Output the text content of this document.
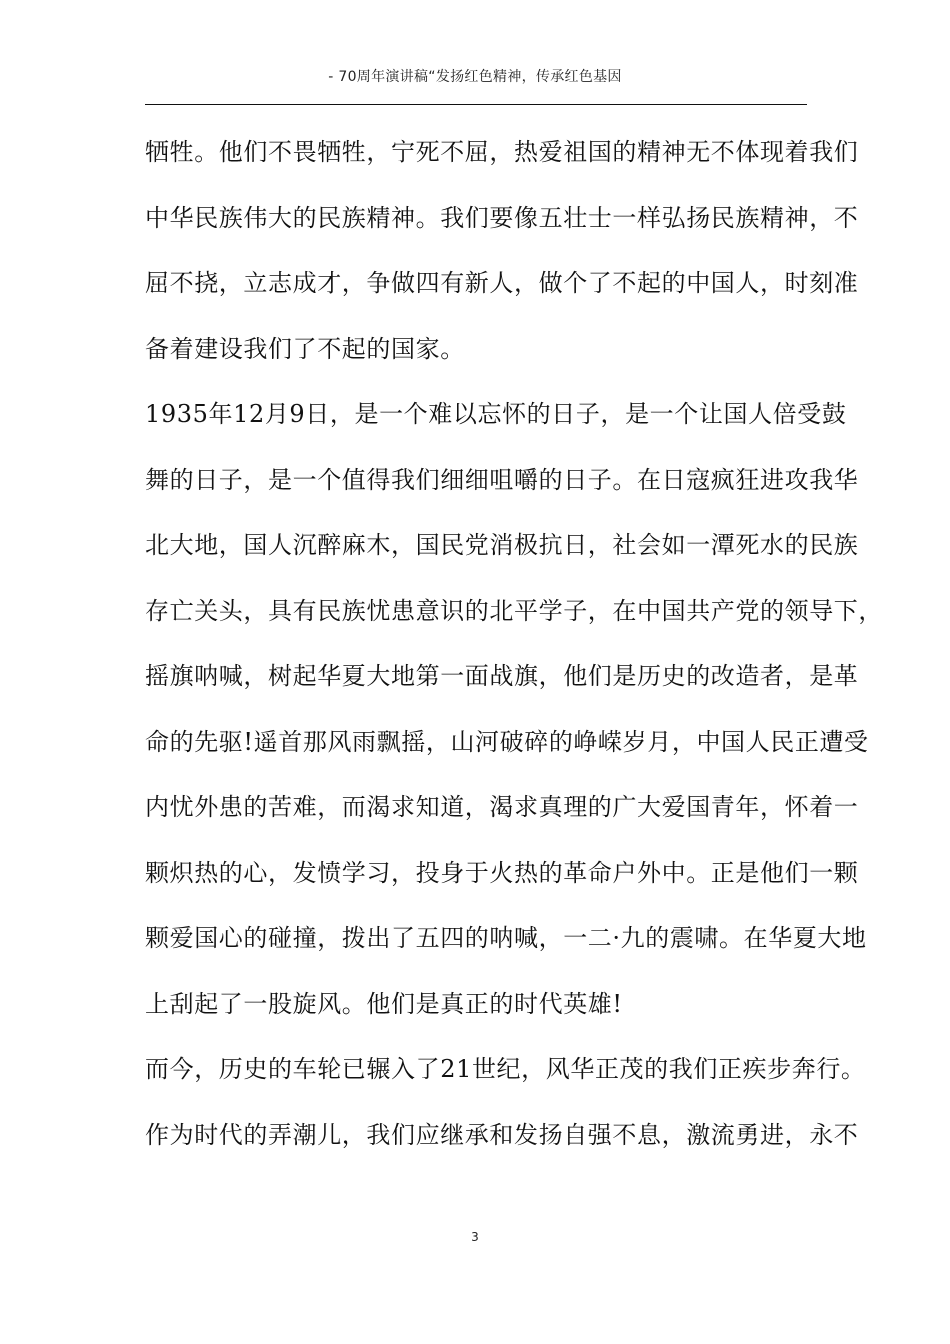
- 70周年演讲稿“发扬红色精神，传承红色基因
牺牲。他们不畏牺牲，宁死不屈，热爱祖国的精神无不体现着我们
中华民族伟大的民族精神。我们要像五壮士一样弘扬民族精神，不
屈不挠，立志成才，争做四有新人，做个了不起的中国人，时刻准
备着建设我们了不起的国家。
1935年12月9日，是一个难以忘怀的日子，是一个让国人倍受鼓
舞的日子，是一个值得我们细细咀嚼的日子。在日寇疯狂进攻我华
北大地，国人沉醉麻木，国民党消极抗日，社会如一潭死水的民族
存亡关头，具有民族忧患意识的北平学子，在中国共产党的领导下，
摇旗呐喊，树起华夏大地第一面战旗，他们是历史的改造者，是革
命的先驱!遥首那风雨飘摇，山河破碎的峥嵘岁月，中国人民正遭受
内忧外患的苦难，而渴求知道，渴求真理的广大爱国青年，怀着一
颗炽热的心，发愤学习，投身于火热的革命户外中。正是他们一颗
颗爱国心的碰撞，拨出了五四的呐喊，一二·九的震啸。在华夏大地
上刮起了一股旋风。他们是真正的时代英雄!
而今，历史的车轮已辗入了21世纪，风华正茂的我们正疾步奔行。
作为时代的弄潮儿，我们应继承和发扬自强不息，激流勇进，永不
3
